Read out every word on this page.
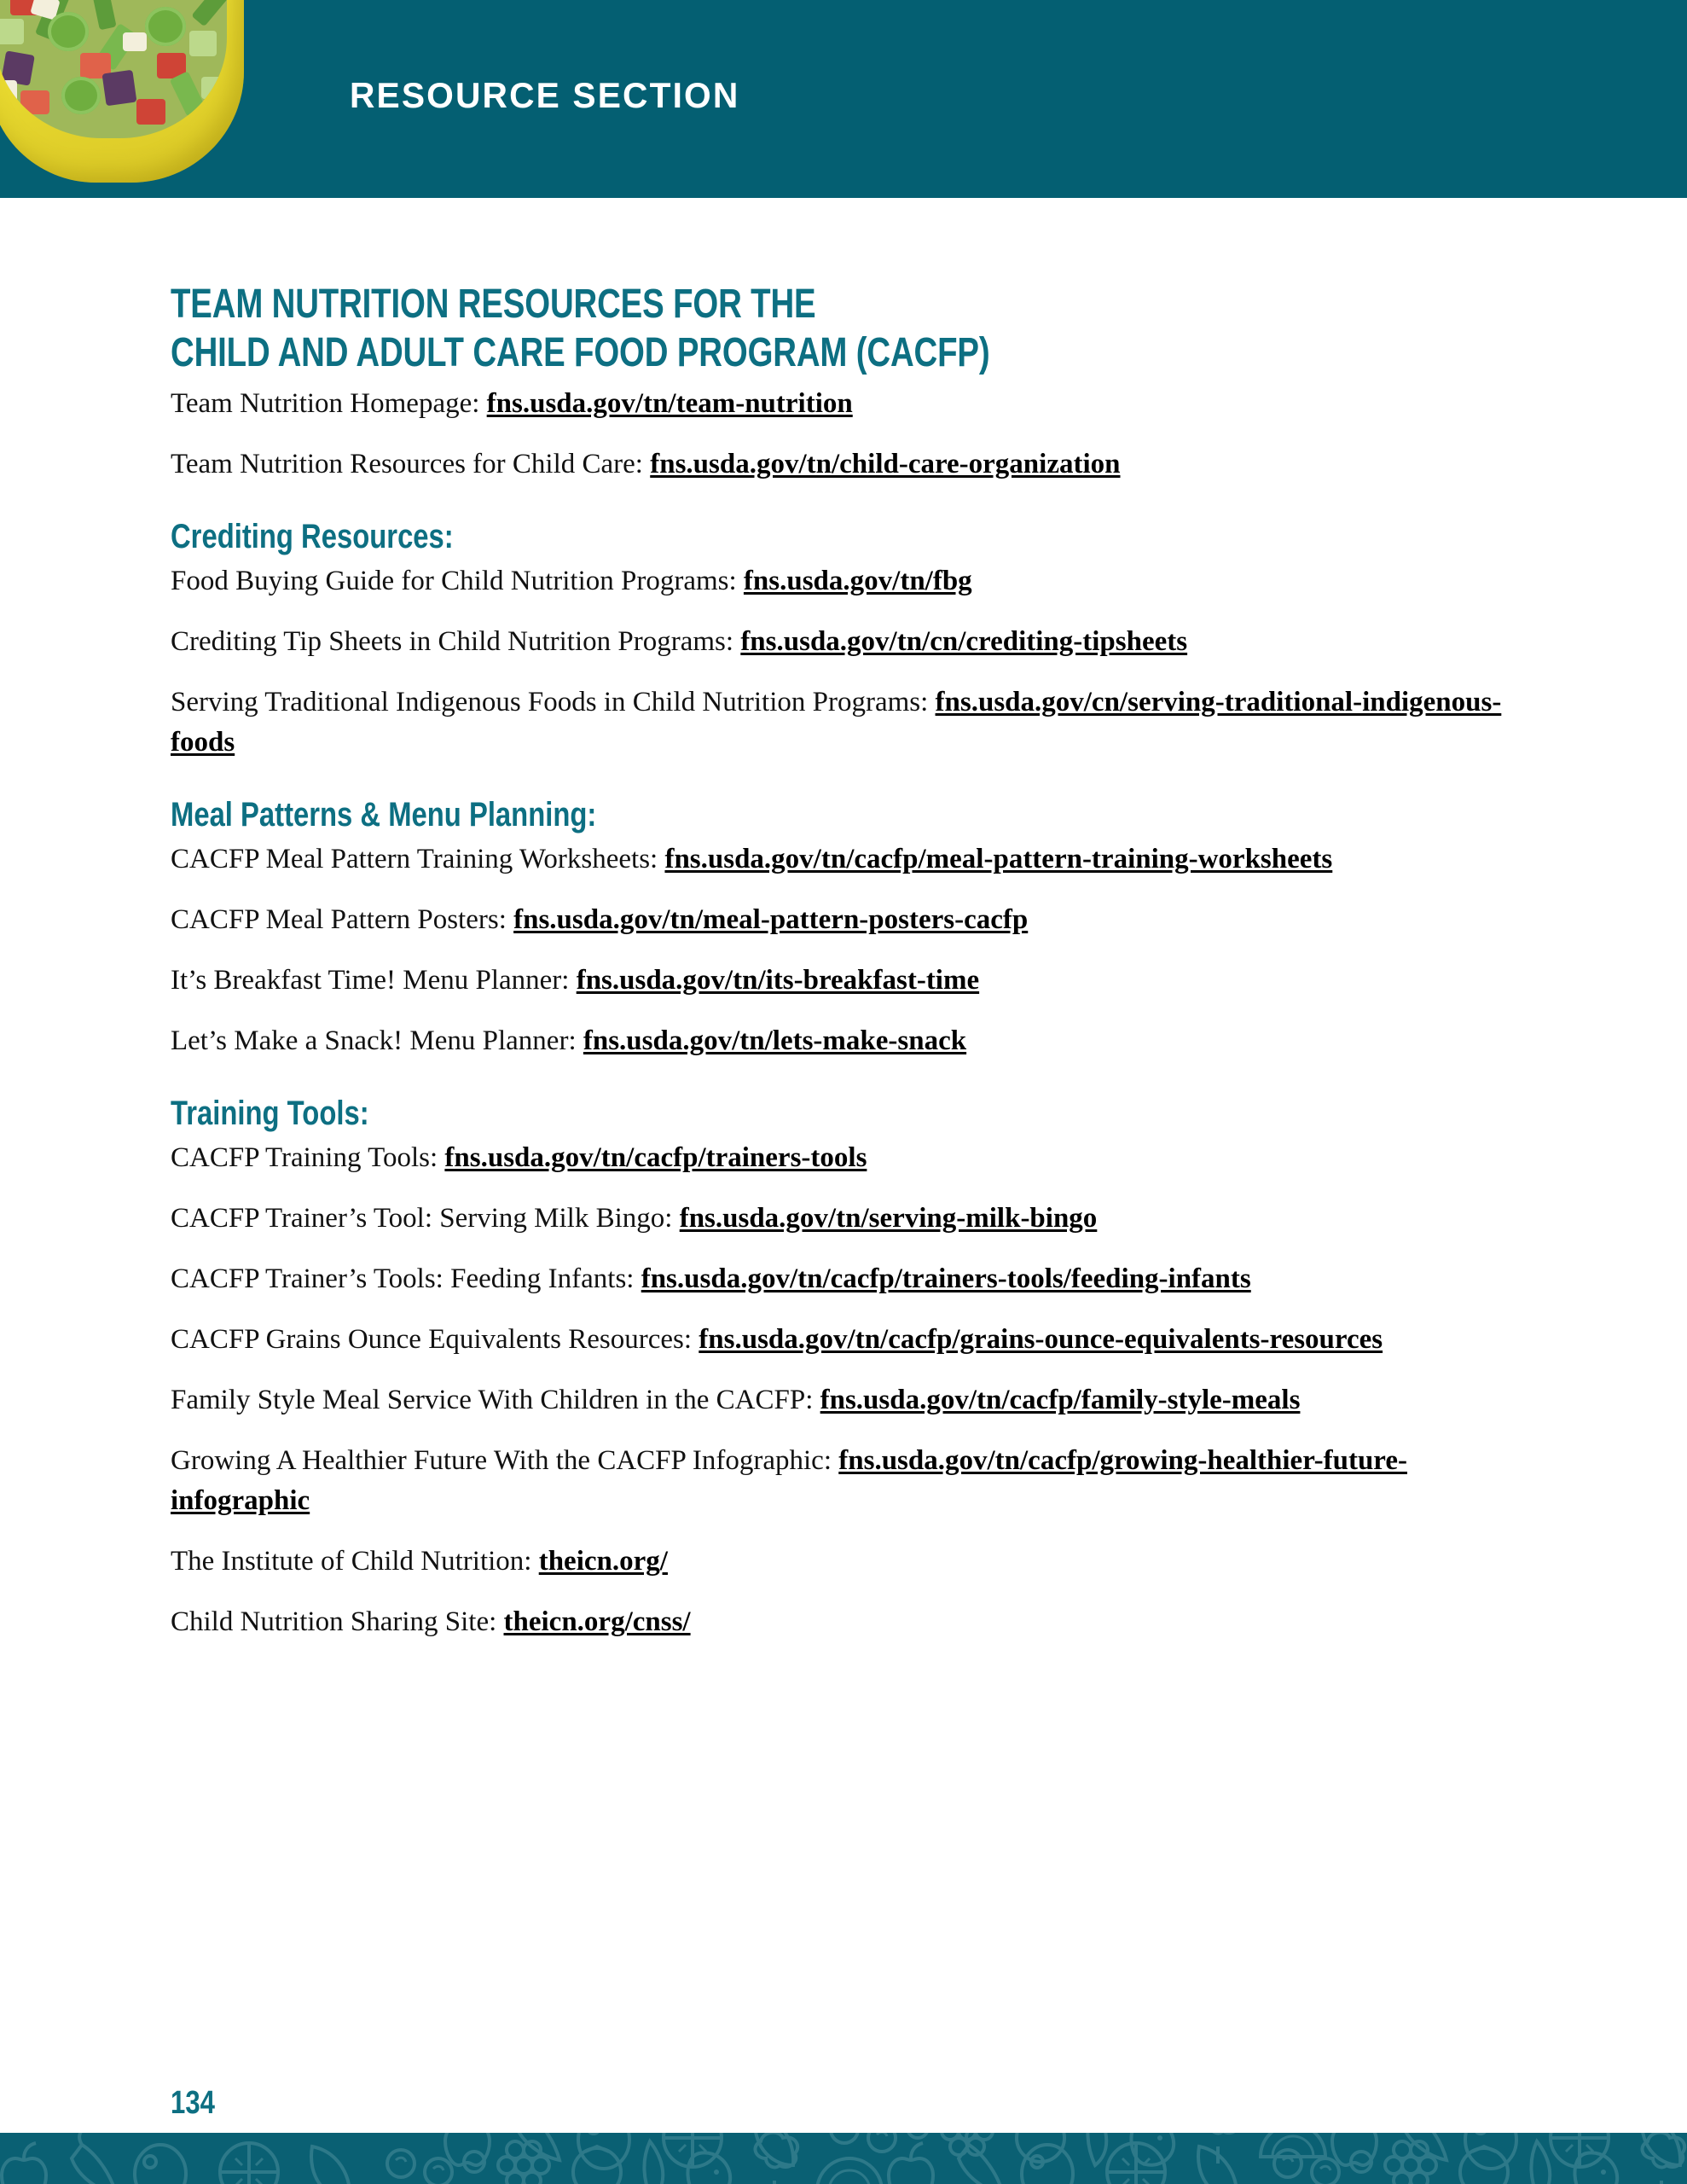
RESOURCE SECTION
TEAM NUTRITION RESOURCES FOR THE
CHILD AND ADULT CARE FOOD PROGRAM (CACFP)

Team Nutrition Homepage: fns.usda.gov/tn/team-nutrition

Team Nutrition Resources for Child Care: fns.usda.gov/tn/child-care-organization

Crediting Resources:

Food Buying Guide for Child Nutrition Programs: fns.usda.gov/tn/fbg

Crediting Tip Sheets in Child Nutrition Programs: fns.usda.gov/tn/cn/crediting-tipsheets

Serving Traditional Indigenous Foods in Child Nutrition Programs: fns.usda.gov/cn/serving-traditional-indigenous-foods

Meal Patterns & Menu Planning:

CACFP Meal Pattern Training Worksheets: fns.usda.gov/tn/cacfp/meal-pattern-training-worksheets

CACFP Meal Pattern Posters: fns.usda.gov/tn/meal-pattern-posters-cacfp

It’s Breakfast Time! Menu Planner: fns.usda.gov/tn/its-breakfast-time

Let’s Make a Snack! Menu Planner: fns.usda.gov/tn/lets-make-snack

Training Tools:

CACFP Training Tools: fns.usda.gov/tn/cacfp/trainers-tools

CACFP Trainer’s Tool: Serving Milk Bingo: fns.usda.gov/tn/serving-milk-bingo

CACFP Trainer’s Tools: Feeding Infants: fns.usda.gov/tn/cacfp/trainers-tools/feeding-infants

CACFP Grains Ounce Equivalents Resources: fns.usda.gov/tn/cacfp/grains-ounce-equivalents-resources

Family Style Meal Service With Children in the CACFP: fns.usda.gov/tn/cacfp/family-style-meals

Growing A Healthier Future With the CACFP Infographic: fns.usda.gov/tn/cacfp/growing-healthier-future-infographic

The Institute of Child Nutrition: theicn.org/

Child Nutrition Sharing Site: theicn.org/cnss/

134
